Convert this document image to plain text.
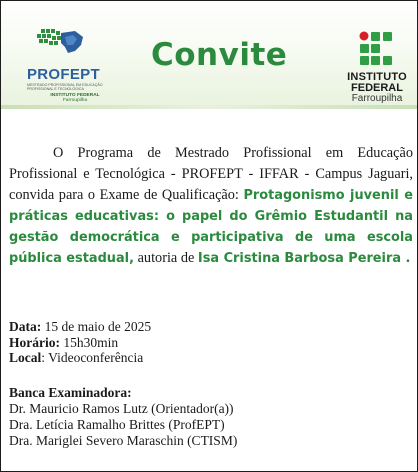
PROFEPT
MESTRADO PROFISSIONAL EM EDUCAÇÃO PROFISSIONAL E TECNOLÓGICA
INSTITUTO FEDERAL
Farroupilha
Convite
INSTITUTO
FEDERAL
Farroupilha

O Programa de Mestrado Profissional em Educação Profissional e Tecnológica - PROFEPT - IFFAR - Campus Jaguari, convida para o Exame de Qualificação: Protagonismo juvenil e práticas educativas: o papel do Grêmio Estudantil na gestão democrática e participativa de uma escola pública estadual, autoria de Isa Cristina Barbosa Pereira .

Data: 15 de maio de 2025
Horário: 15h30min
Local: Videoconferência
Banca Examinadora:
Dr. Mauricio Ramos Lutz (Orientador(a))
Dra. Letícia Ramalho Brittes (ProfEPT)
Dra. Mariglei Severo Maraschin (CTISM)
